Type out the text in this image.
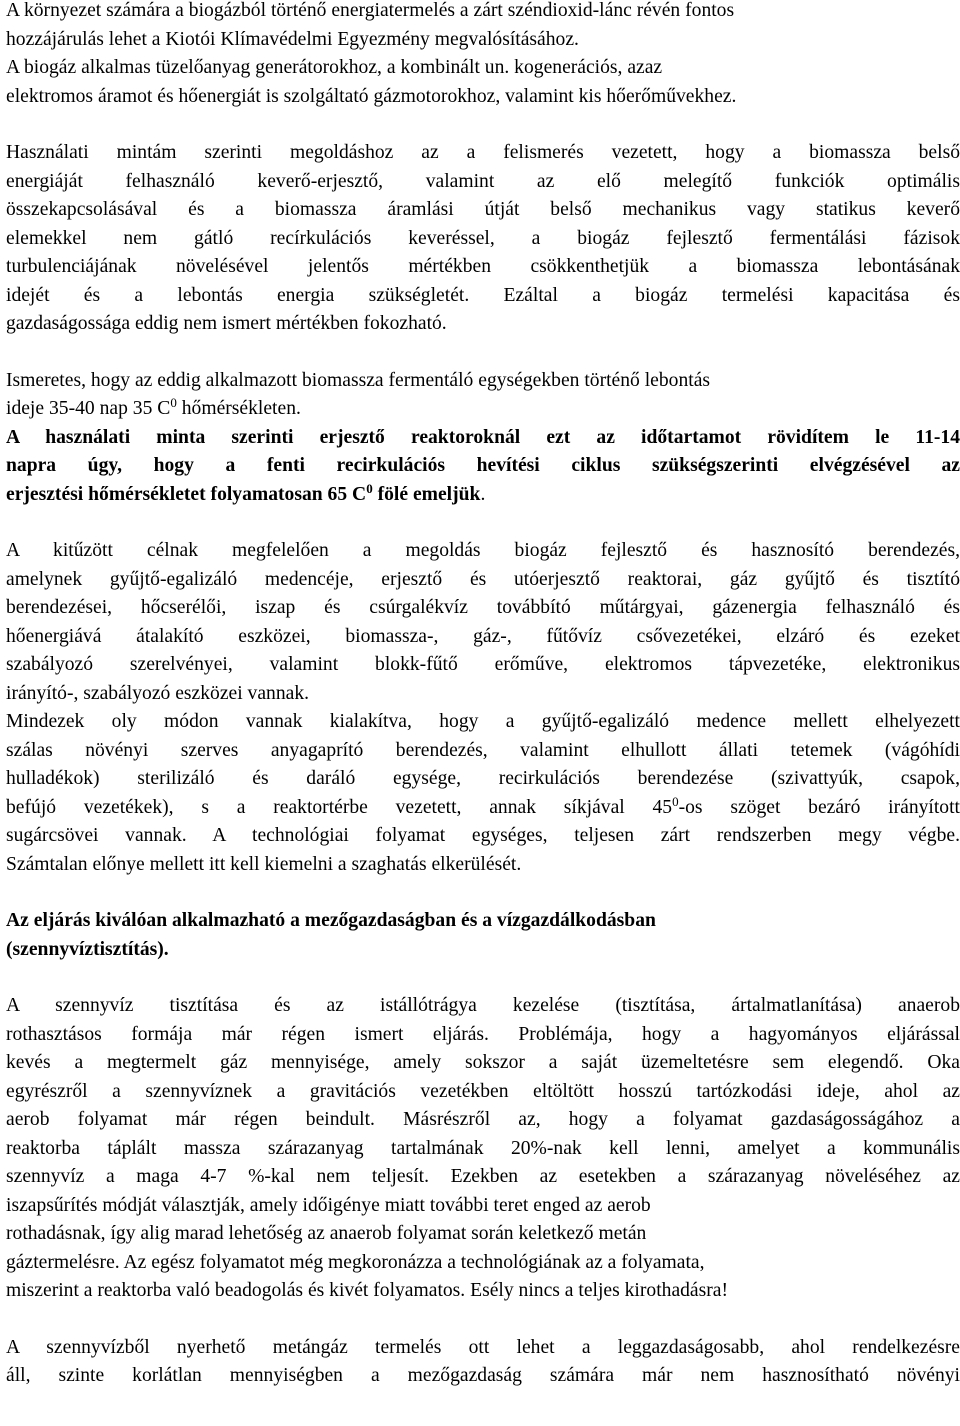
A környezet számára a biogázból történő energiatermelés a zárt széndioxid-lánc révén fontos
hozzájárulás lehet a Kiotói Klímavédelmi Egyezmény megvalósításához.
A biogáz alkalmas tüzelőanyag generátorokhoz, a kombinált un. kogenerációs, azaz
elektromos áramot és hőenergiát is szolgáltató gázmotorokhoz, valamint kis hőerőművekhez.

Használati mintám szerinti megoldáshoz az a felismerés vezetett, hogy a biomassza belső
energiáját felhasználó keverő-erjesztő, valamint az elő melegítő funkciók optimális
összekapcsolásával és a biomassza áramlási útját belső mechanikus vagy statikus keverő
elemekkel nem gátló recírkulációs keveréssel, a biogáz fejlesztő fermentálási fázisok
turbulenciájának növelésével jelentős mértékben csökkenthetjük a biomassza lebontásának
idejét és a lebontás energia szükségletét. Ezáltal a biogáz termelési kapacitása és
gazdaságossága eddig nem ismert mértékben fokozható.

Ismeretes, hogy az eddig alkalmazott biomassza fermentáló egységekben történő lebontás
ideje 35-40 nap 35 $C^0$ hőmérsékleten.

A használati minta szerinti erjesztő reaktoroknál ezt az időtartamot rövidítem le 11-14
napra úgy, hogy a fenti recirkulációs hevítési ciklus szükségszerinti elvégzésével az
erjesztési hőmérsékletet folyamatosan 65 $C^0$ fölé emeljük.

A kitűzött célnak megfelelően a megoldás biogáz fejlesztő és hasznosító berendezés,
amelynek gyűjtő-egalizáló medencéje, erjesztő és utóerjesztő reaktorai, gáz gyűjtő és tisztító
berendezései, hőcserélői, iszap és csúrgalékvíz továbbító műtárgyai, gázenergia felhasználó és
hőenergiává átalakító eszközei, biomassza-, gáz-, fűtővíz csővezetékei, elzáró és ezeket
szabályozó szerelvényei, valamint blokk-fűtő erőműve, elektromos tápvezetéke, elektronikus
irányító-, szabályozó eszközei vannak.

Mindezek oly módon vannak kialakítva, hogy a gyűjtő-egalizáló medence mellett elhelyezett
szálas növényi szerves anyagaprító berendezés, valamint elhullott állati tetemek (vágóhídi
hulladékok) sterilizáló és daráló egysége, recirkulációs berendezése (szivattyúk, csapok,
befújó vezetékek), s a reaktortérbe vezetett, annak síkjával $45^0-os$ szöget bezáró irányított
sugárcsövei vannak. A technológiai folyamat egységes, teljesen zárt rendszerben megy végbe.
Számtalan előnye mellett itt kell kiemelni a szaghatás elkerülését.

Az eljárás kiválóan alkalmazható a mezőgazdaságban és a vízgazdálkodásban
(szennyvíztisztítás).

A szennyvíz tisztítása és az istállótrágya kezelése (tisztítása, ártalmatlanítása) anaerob
rothasztásos formája már régen ismert eljárás. Problémája, hogy a hagyományos eljárással
kevés a megtermelt gáz mennyisége, amely sokszor a saját üzemeltetésre sem elegendő. Oka
egyrészről a szennyvíznek a gravitációs vezetékben eltöltött hosszú tartózkodási ideje, ahol az
aerob folyamat már régen beindult. Másrészről az, hogy a folyamat gazdaságosságához a
reaktorba táplált massza szárazanyag tartalmának 20%-nak kell lenni, amelyet a kommunális
szennyvíz a maga 4-7 %-kal nem teljesít. Ezekben az esetekben a szárazanyag növeléséhez az
iszapsűrítés módját választják, amely időigénye miatt további teret enged az aerob
rothadásnak, így alig marad lehetőség az anaerob folyamat során keletkező metán
gáztermelésre. Az egész folyamatot még megkoronázza a technológiának az a folyamata,
miszerint a reaktorba való beadogolás és kivét folyamatos. Esély nincs a teljes kirothadásra!

A szennyvízből nyerhető metángáz termelés ott lehet a leggazdaságosabb, ahol rendelkezésre
áll, szinte korlátlan mennyiségben a mezőgazdaság számára már nem hasznosítható növényi
